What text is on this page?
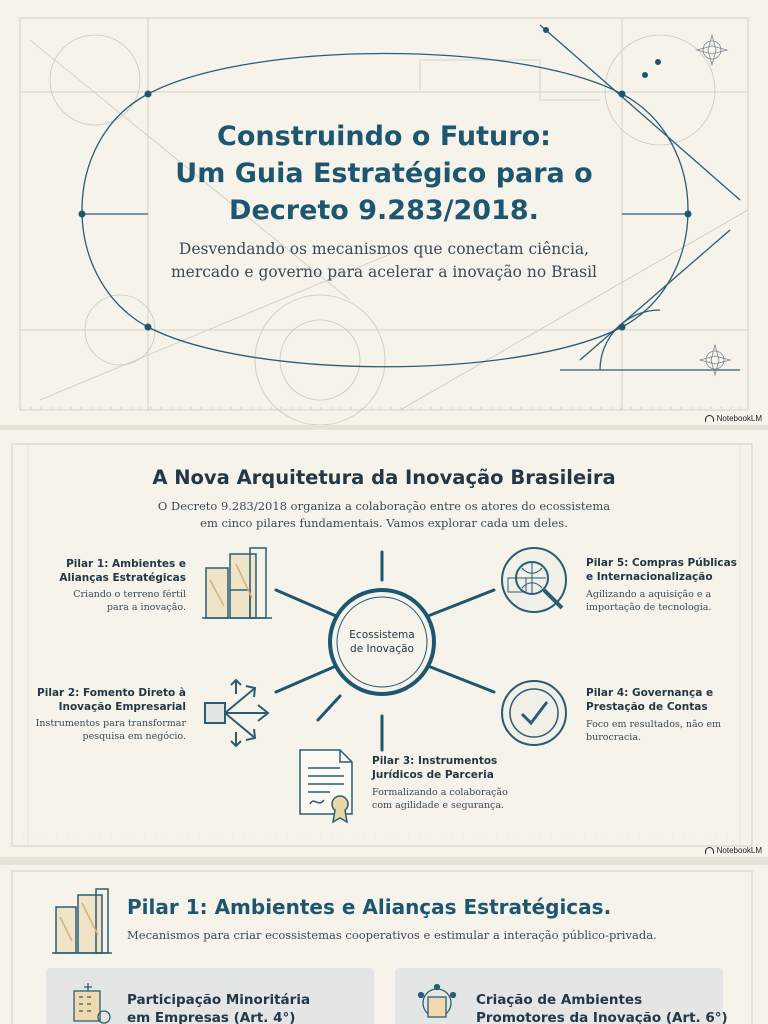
Construindo o Futuro:
Um Guia Estratégico para o
Decreto 9.283/2018.
Desvendando os mecanismos que conectam ciência,
mercado e governo para acelerar a inovação no Brasil
NotebookLM
A Nova Arquitetura da Inovação Brasileira
O Decreto 9.283/2018 organiza a colaboração entre os atores do ecossistema
em cinco pilares fundamentais. Vamos explorar cada um deles.
Ecossistema
de Inovação
Pilar 1: Ambientes e
Alianças Estratégicas
Criando o terreno fértil
para a inovação.
Pilar 2: Fomento Direto à
Inovação Empresarial
Instrumentos para transformar
pesquisa em negócio.
Pilar 3: Instrumentos
Jurídicos de Parceria
Formalizando a colaboração
com agilidade e segurança.
Pilar 4: Governança e
Prestação de Contas
Foco em resultados, não em
burocracia.
Pilar 5: Compras Públicas
e Internacionalização
Agilizando a aquisição e a
importação de tecnologia.
NotebookLM
Pilar 1: Ambientes e Alianças Estratégicas.
Mecanismos para criar ecossistemas cooperativos e estimular a interação público-privada.
Participação Minoritária
em Empresas (Art. 4°)
Criação de Ambientes
Promotores da Inovação (Art. 6°)
